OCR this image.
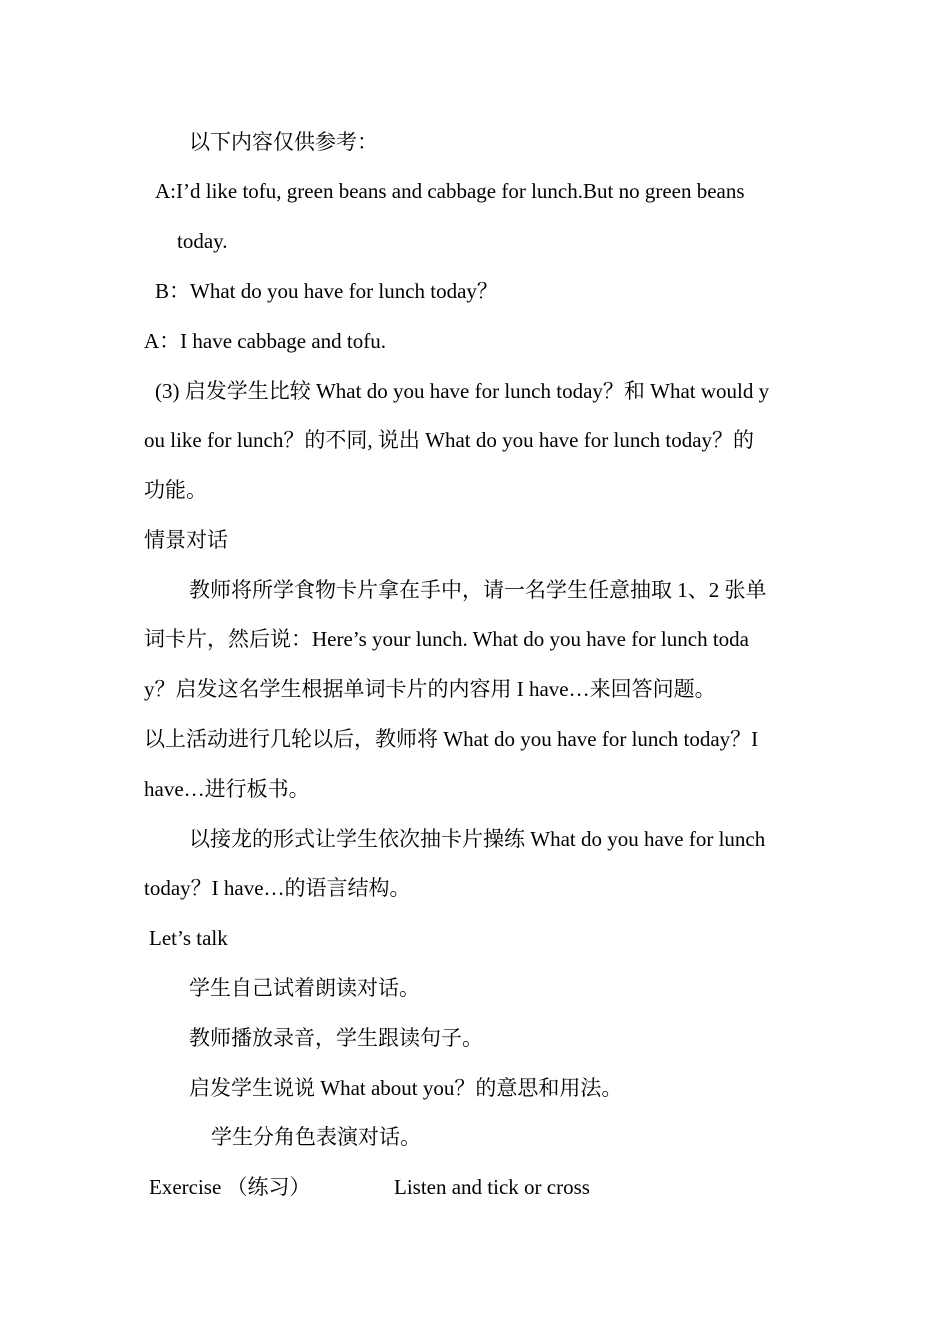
以下内容仅供参考：
A:I’d like tofu, green beans and cabbage for lunch.But no green beans
today.
B：What do you have for lunch today？
A：I have cabbage and tofu.
(3) 启发学生比较 What do you have for lunch today？和 What would y
ou like for lunch？的不同, 说出 What do you have for lunch today？的
功能。
情景对话
教师将所学食物卡片拿在手中，请一名学生任意抽取 1、2 张单
词卡片，然后说：Here’s your lunch. What do you have for lunch toda
y？启发这名学生根据单词卡片的内容用 I have…来回答问题。
以上活动进行几轮以后，教师将 What do you have for lunch today？I
have…进行板书。
以接龙的形式让学生依次抽卡片操练 What do you have for lunch
today？I have…的语言结构。
Let’s talk
学生自己试着朗读对话。
教师播放录音，学生跟读句子。
启发学生说说 What about you？的意思和用法。
学生分角色表演对话。
Exercise （练习）	Listen and tick or cross
